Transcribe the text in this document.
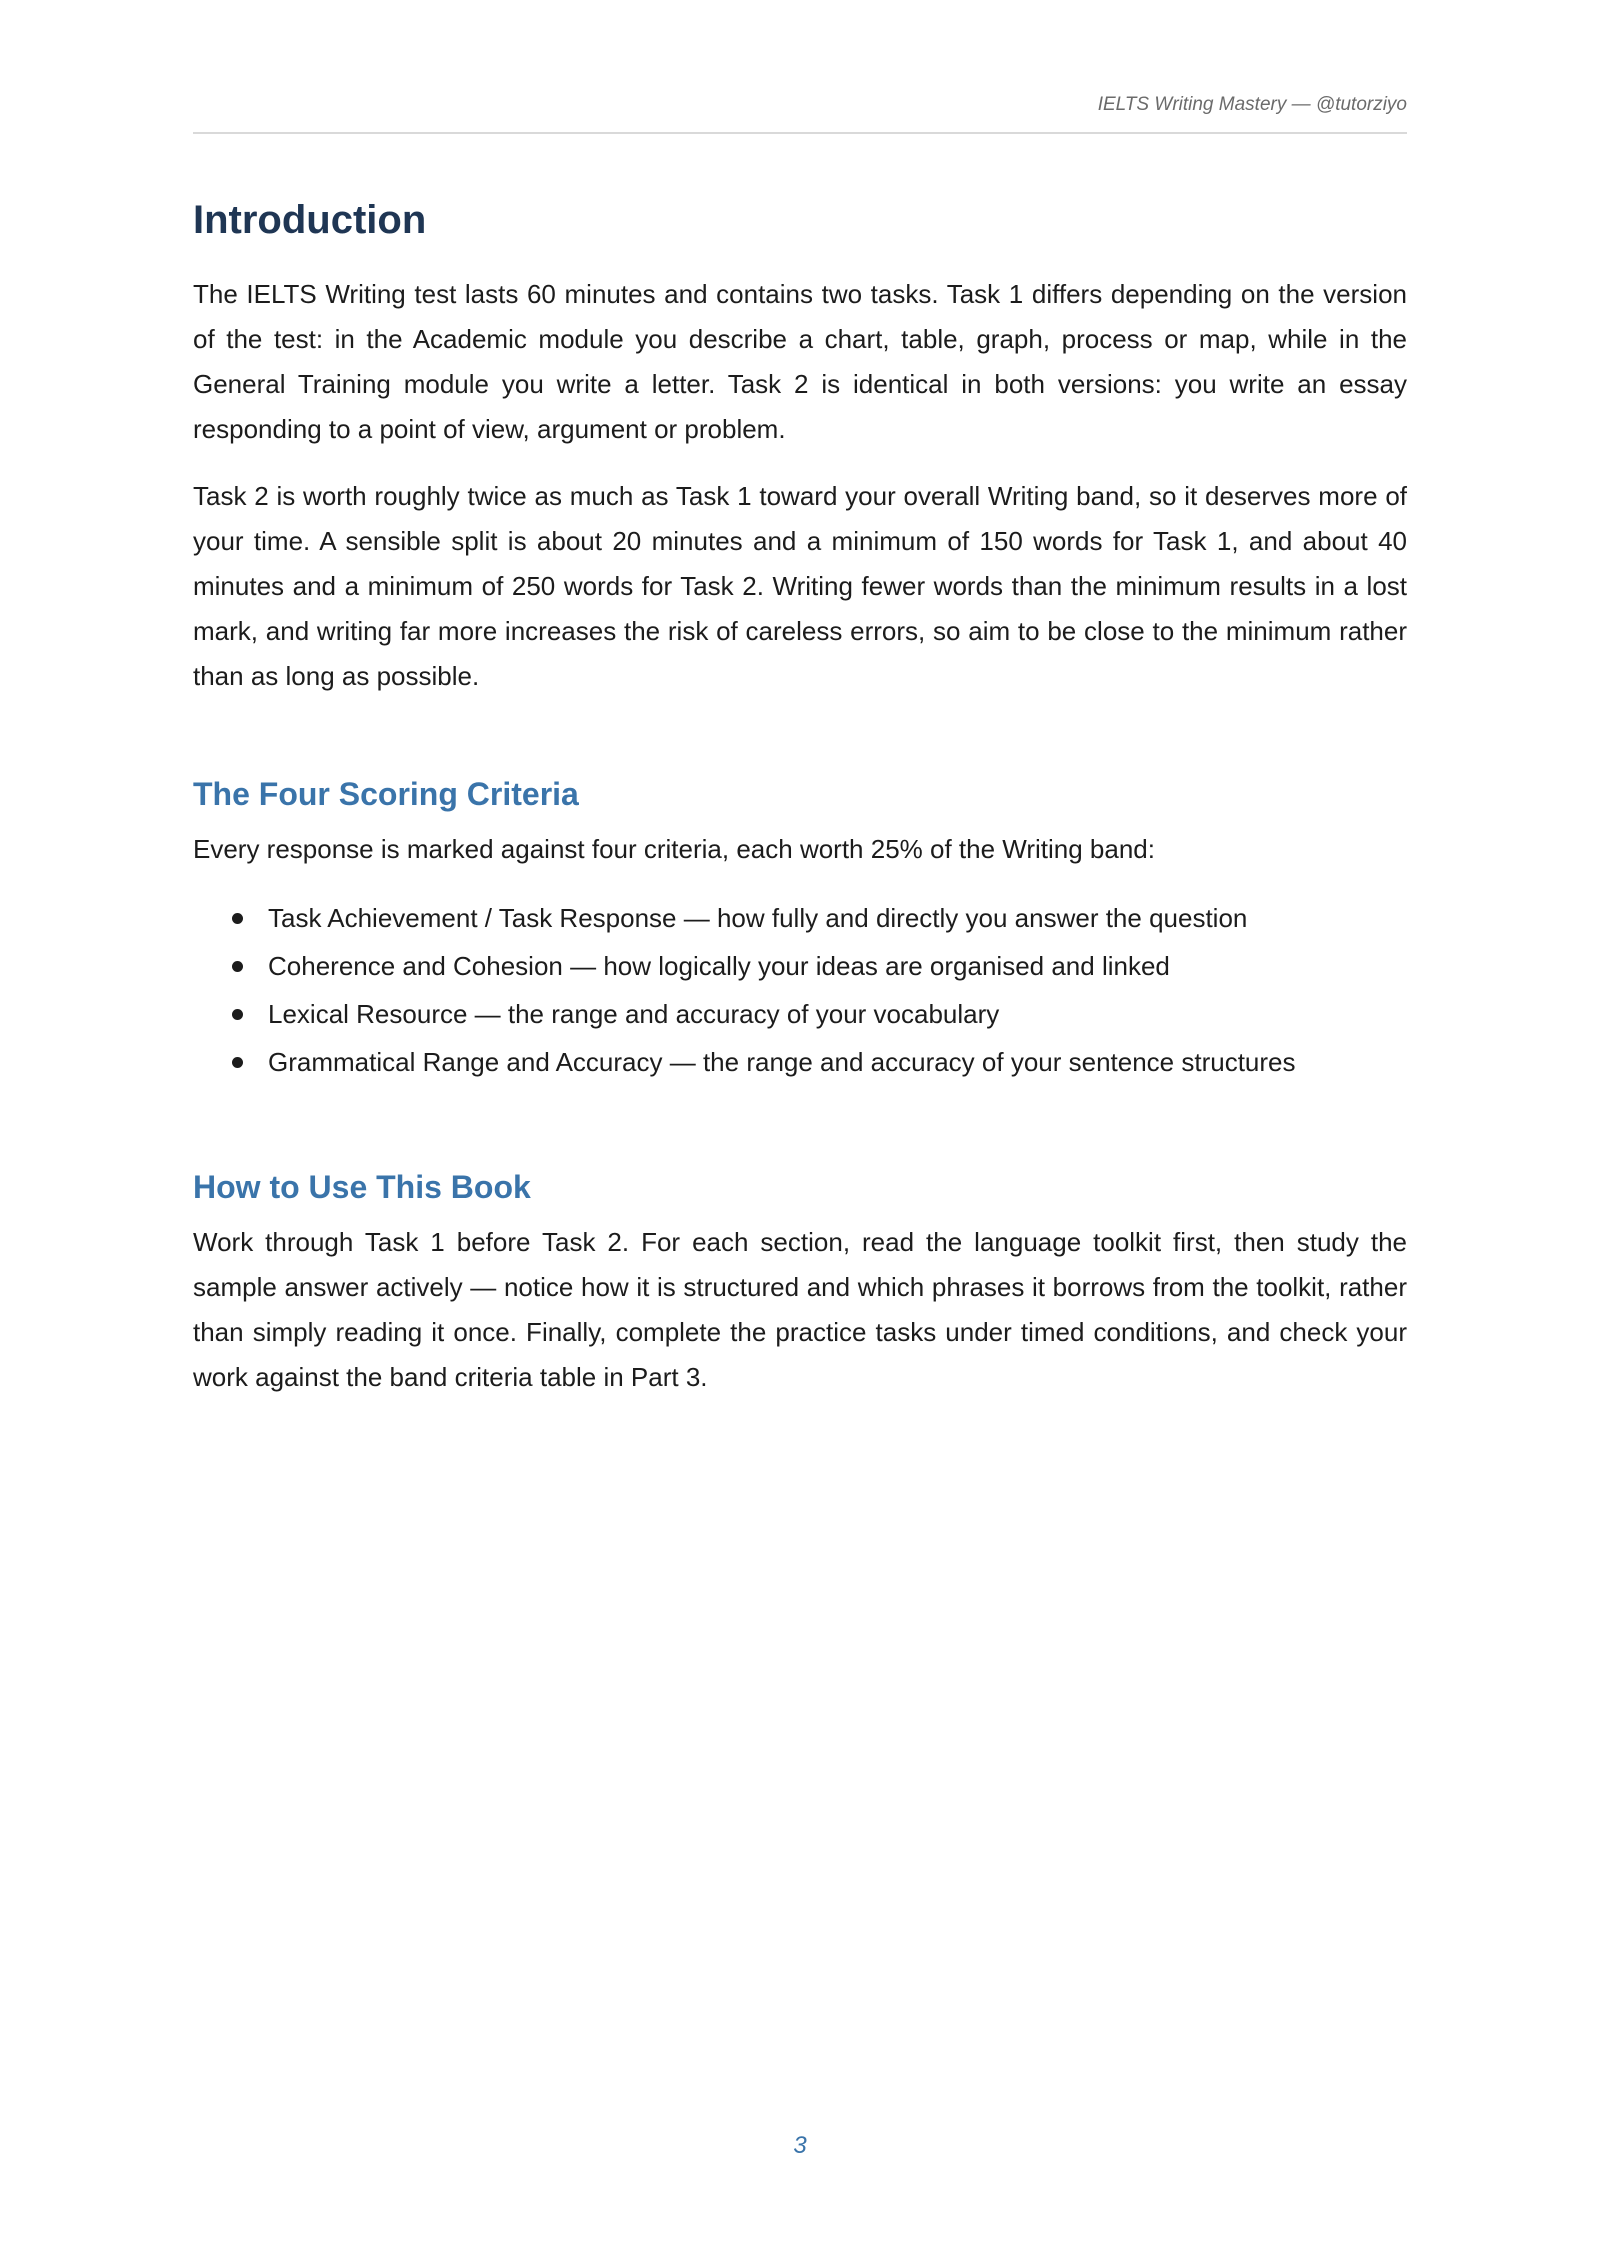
IELTS Writing Mastery — @tutorziyo
Introduction

The IELTS Writing test lasts 60 minutes and contains two tasks. Task 1 differs depending on the version of the test: in the Academic module you describe a chart, table, graph, process or map, while in the General Training module you write a letter. Task 2 is identical in both versions: you write an essay responding to a point of view, argument or problem.

Task 2 is worth roughly twice as much as Task 1 toward your overall Writing band, so it deserves more of your time. A sensible split is about 20 minutes and a minimum of 150 words for Task 1, and about 40 minutes and a minimum of 250 words for Task 2. Writing fewer words than the minimum results in a lost mark, and writing far more increases the risk of careless errors, so aim to be close to the minimum rather than as long as possible.

The Four Scoring Criteria

Every response is marked against four criteria, each worth 25% of the Writing band:

Task Achievement / Task Response — how fully and directly you answer the question
Coherence and Cohesion — how logically your ideas are organised and linked
Lexical Resource — the range and accuracy of your vocabulary
Grammatical Range and Accuracy — the range and accuracy of your sentence structures
How to Use This Book

Work through Task 1 before Task 2. For each section, read the language toolkit first, then study the sample answer actively — notice how it is structured and which phrases it borrows from the toolkit, rather than simply reading it once. Finally, complete the practice tasks under timed conditions, and check your work against the band criteria table in Part 3.

3
